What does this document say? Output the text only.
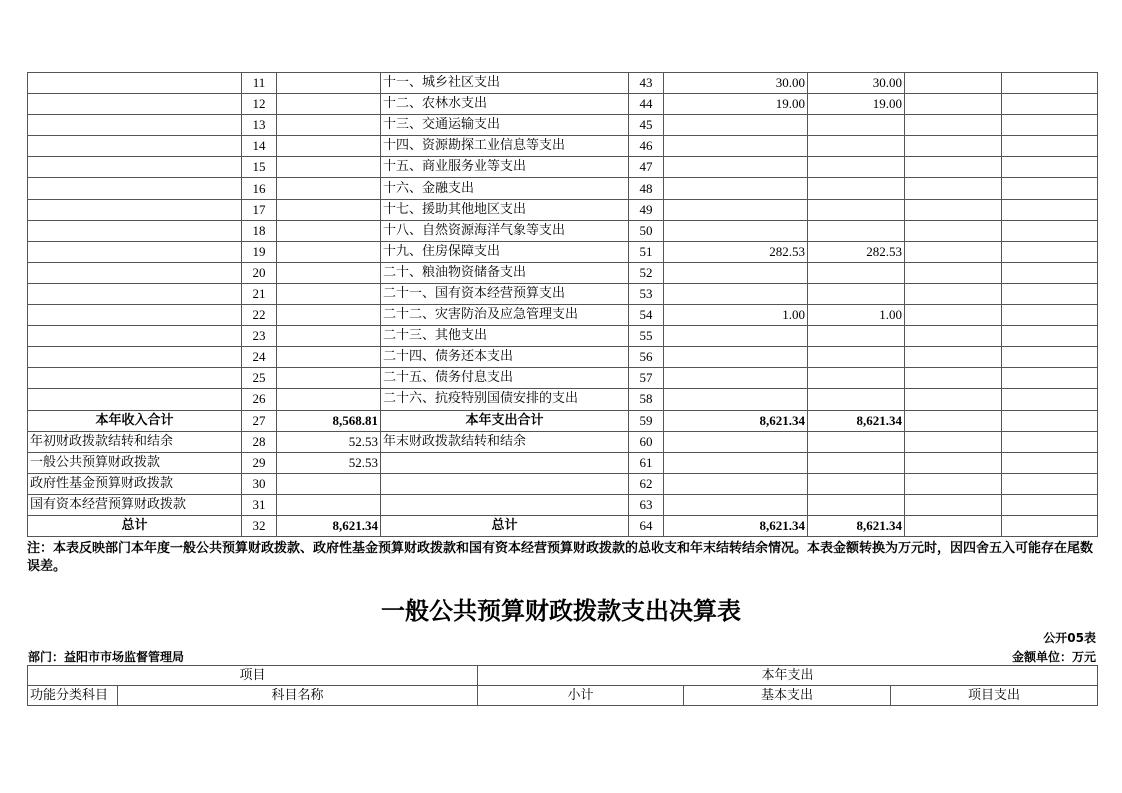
	11		十一、城乡社区支出	43	30.00	30.00		
	12		十二、农林水支出	44	19.00	19.00		
	13		十三、交通运输支出	45				
	14		十四、资源勘探工业信息等支出	46				
	15		十五、商业服务业等支出	47				
	16		十六、金融支出	48				
	17		十七、援助其他地区支出	49				
	18		十八、自然资源海洋气象等支出	50				
	19		十九、住房保障支出	51	282.53	282.53		
	20		二十、粮油物资储备支出	52				
	21		二十一、国有资本经营预算支出	53				
	22		二十二、灾害防治及应急管理支出	54	1.00	1.00		
	23		二十三、其他支出	55				
	24		二十四、债务还本支出	56				
	25		二十五、债务付息支出	57				
	26		二十六、抗疫特别国债安排的支出	58				
本年收入合计	27	8,568.81	本年支出合计	59	8,621.34	8,621.34		
年初财政拨款结转和结余	28	52.53	年末财政拨款结转和结余	60				
一般公共预算财政拨款	29	52.53		61				
政府性基金预算财政拨款	30			62				
国有资本经营预算财政拨款	31			63				
总计	32	8,621.34	总计	64	8,621.34	8,621.34		

注：本表反映部门本年度一般公共预算财政拨款、政府性基金预算财政拨款和国有资本经营预算财政拨款的总收支和年末结转结余情况。本表金额转换为万元时，因四舍五入可能存在尾数误差。

一般公共预算财政拨款支出决算表
公开05表
部门：益阳市市场监督管理局	金额单位：万元
项目		本年支出		
功能分类科目	科目名称	小计	基本支出	项目支出
